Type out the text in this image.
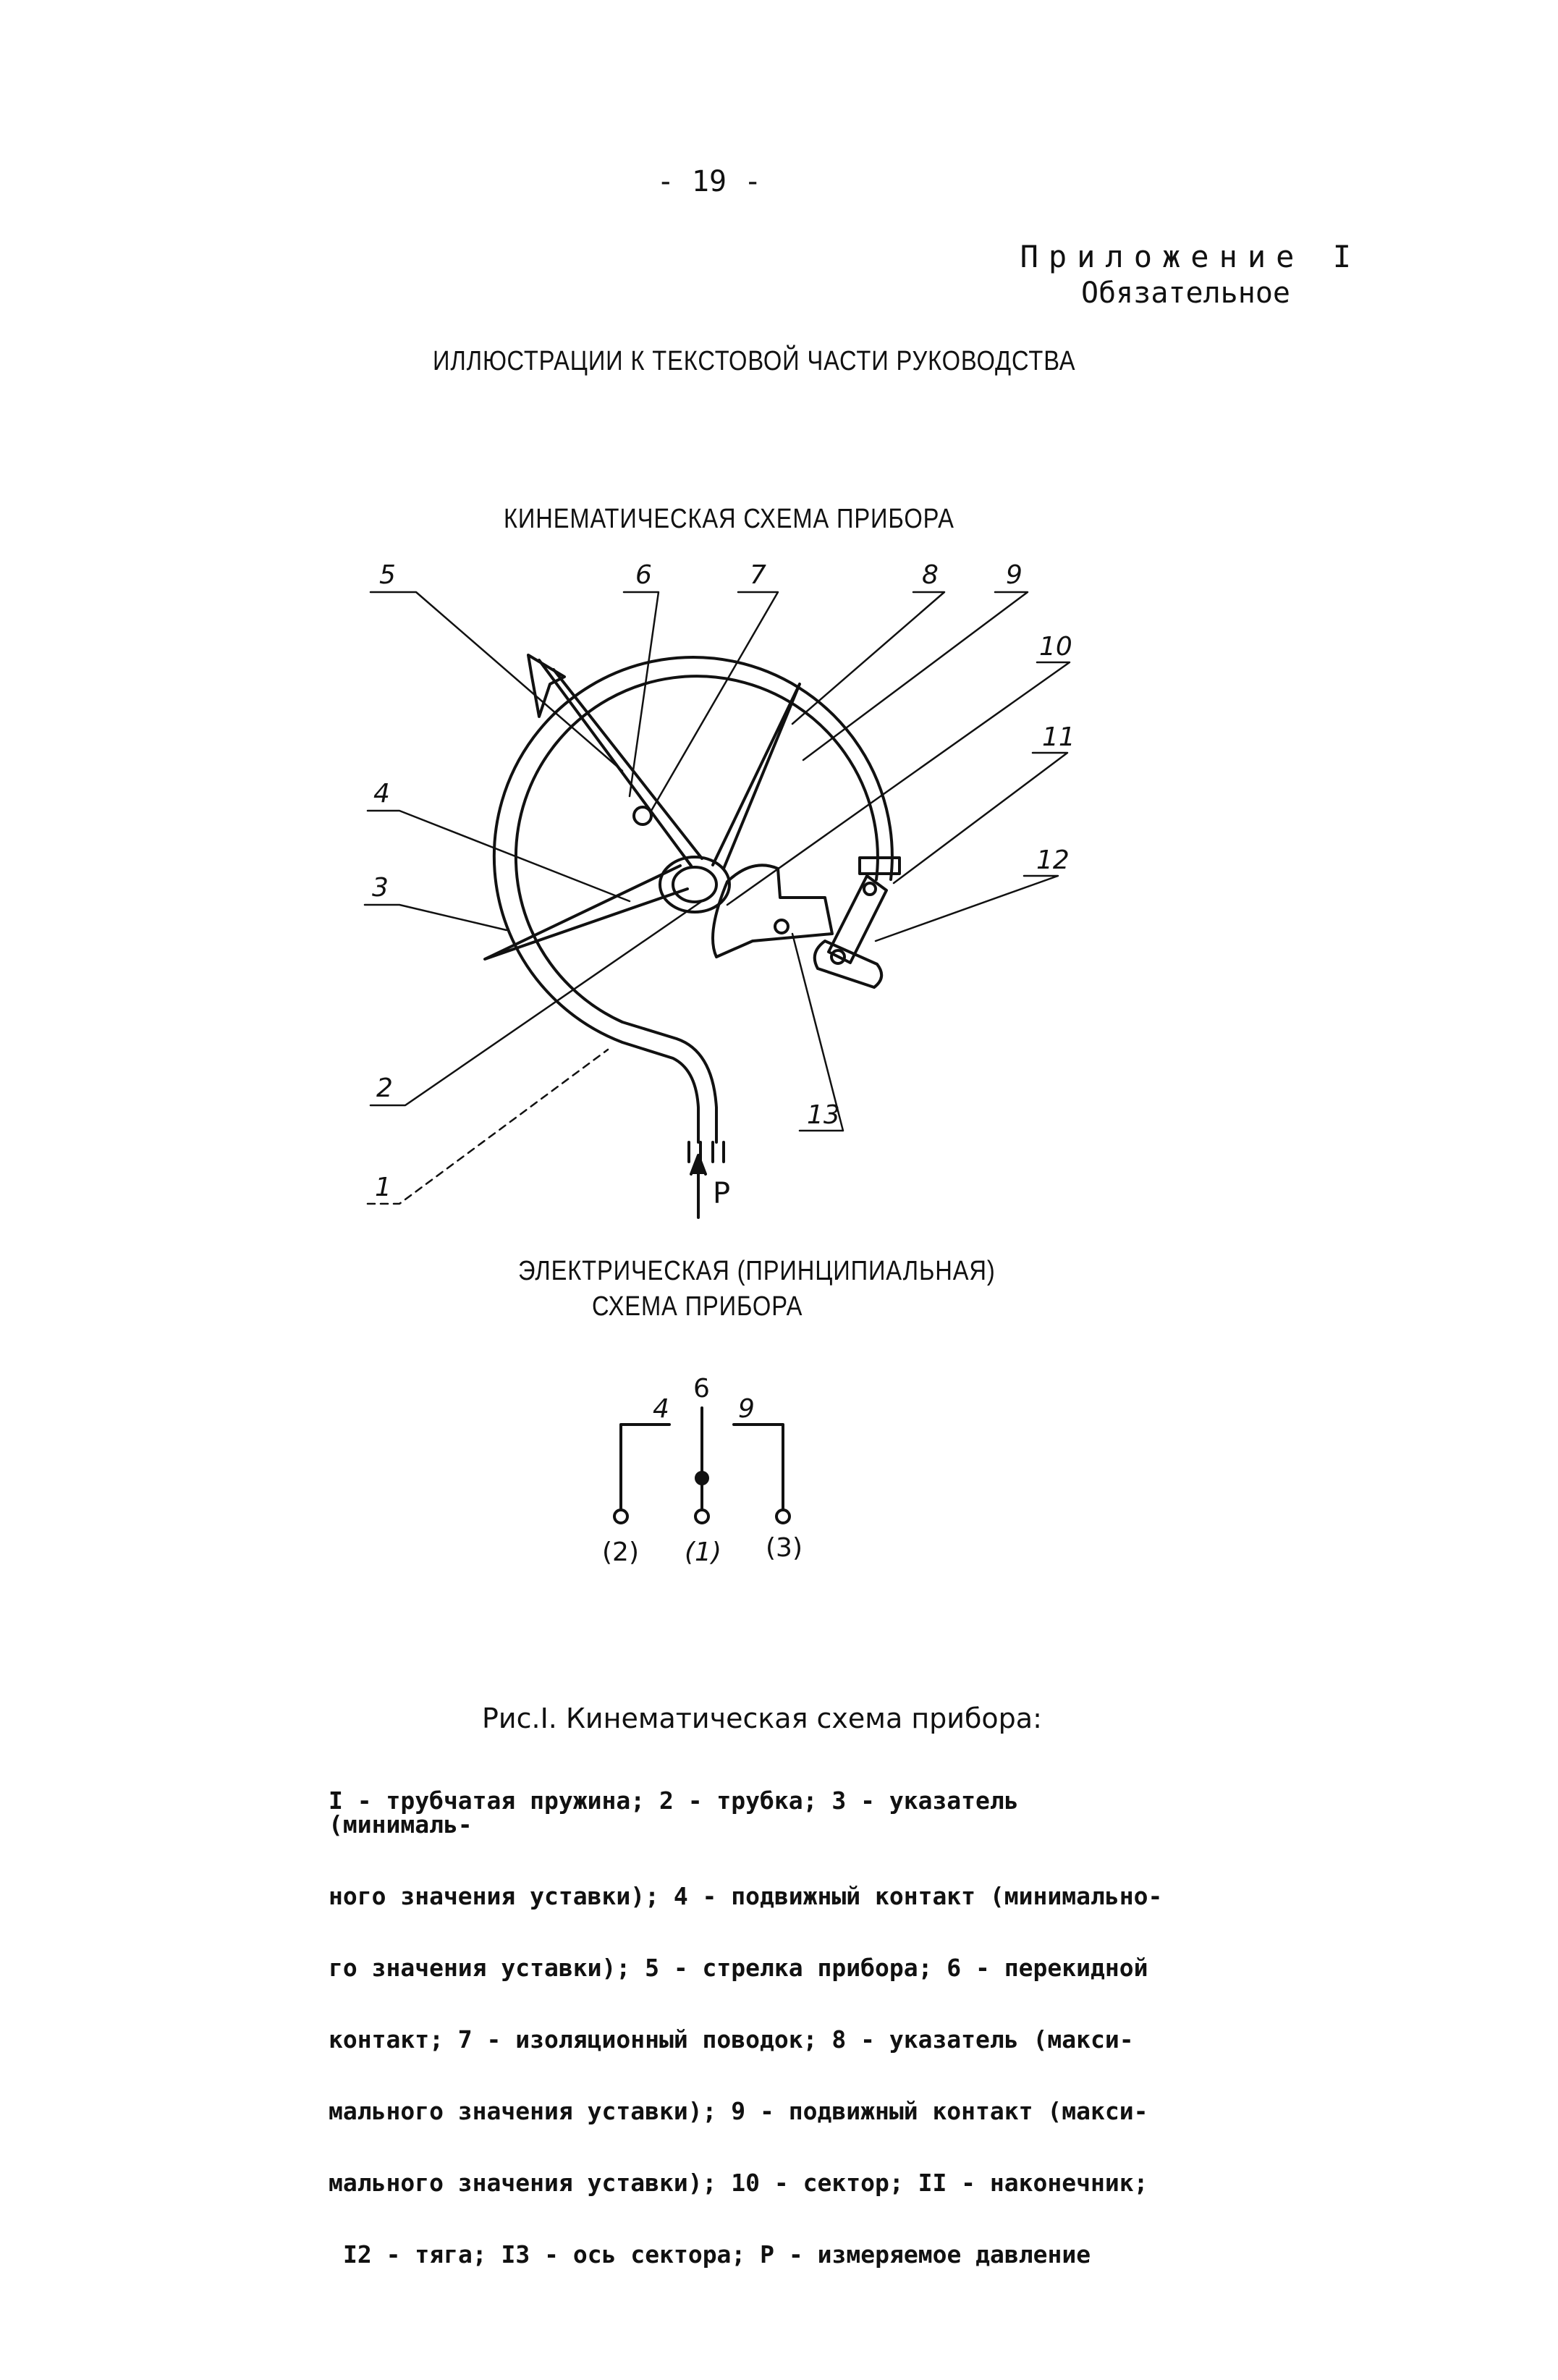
- 19 -
Приложение I
Обязательное
ИЛЛЮСТРАЦИИ К ТЕКСТОВОЙ ЧАСТИ РУКОВОДСТВА
КИНЕМАТИЧЕСКАЯ СХЕМА ПРИБОРА
P
5	6	7	8	9
10
4
11
3
12
2
13
1
6
4	9
(2) (1) (3)
ЭЛЕКТРИЧЕСКАЯ (ПРИНЦИПИАЛЬНАЯ)
СХЕМА ПРИБОРА
Рис.I. Кинематическая схема прибора:

I - трубчатая пружина; 2 - трубка; 3 - указатель (минималь-

ного значения уставки); 4 - подвижный контакт (минимально-

го значения уставки); 5 - стрелка прибора; 6 - перекидной

контакт; 7 - изоляционный поводок; 8 - указатель (макси-

мального значения уставки); 9 - подвижный контакт (макси-

мального значения уставки); 10 - сектор; II - наконечник;

I2 - тяга; I3 - ось сектора; P - измеряемое давление
